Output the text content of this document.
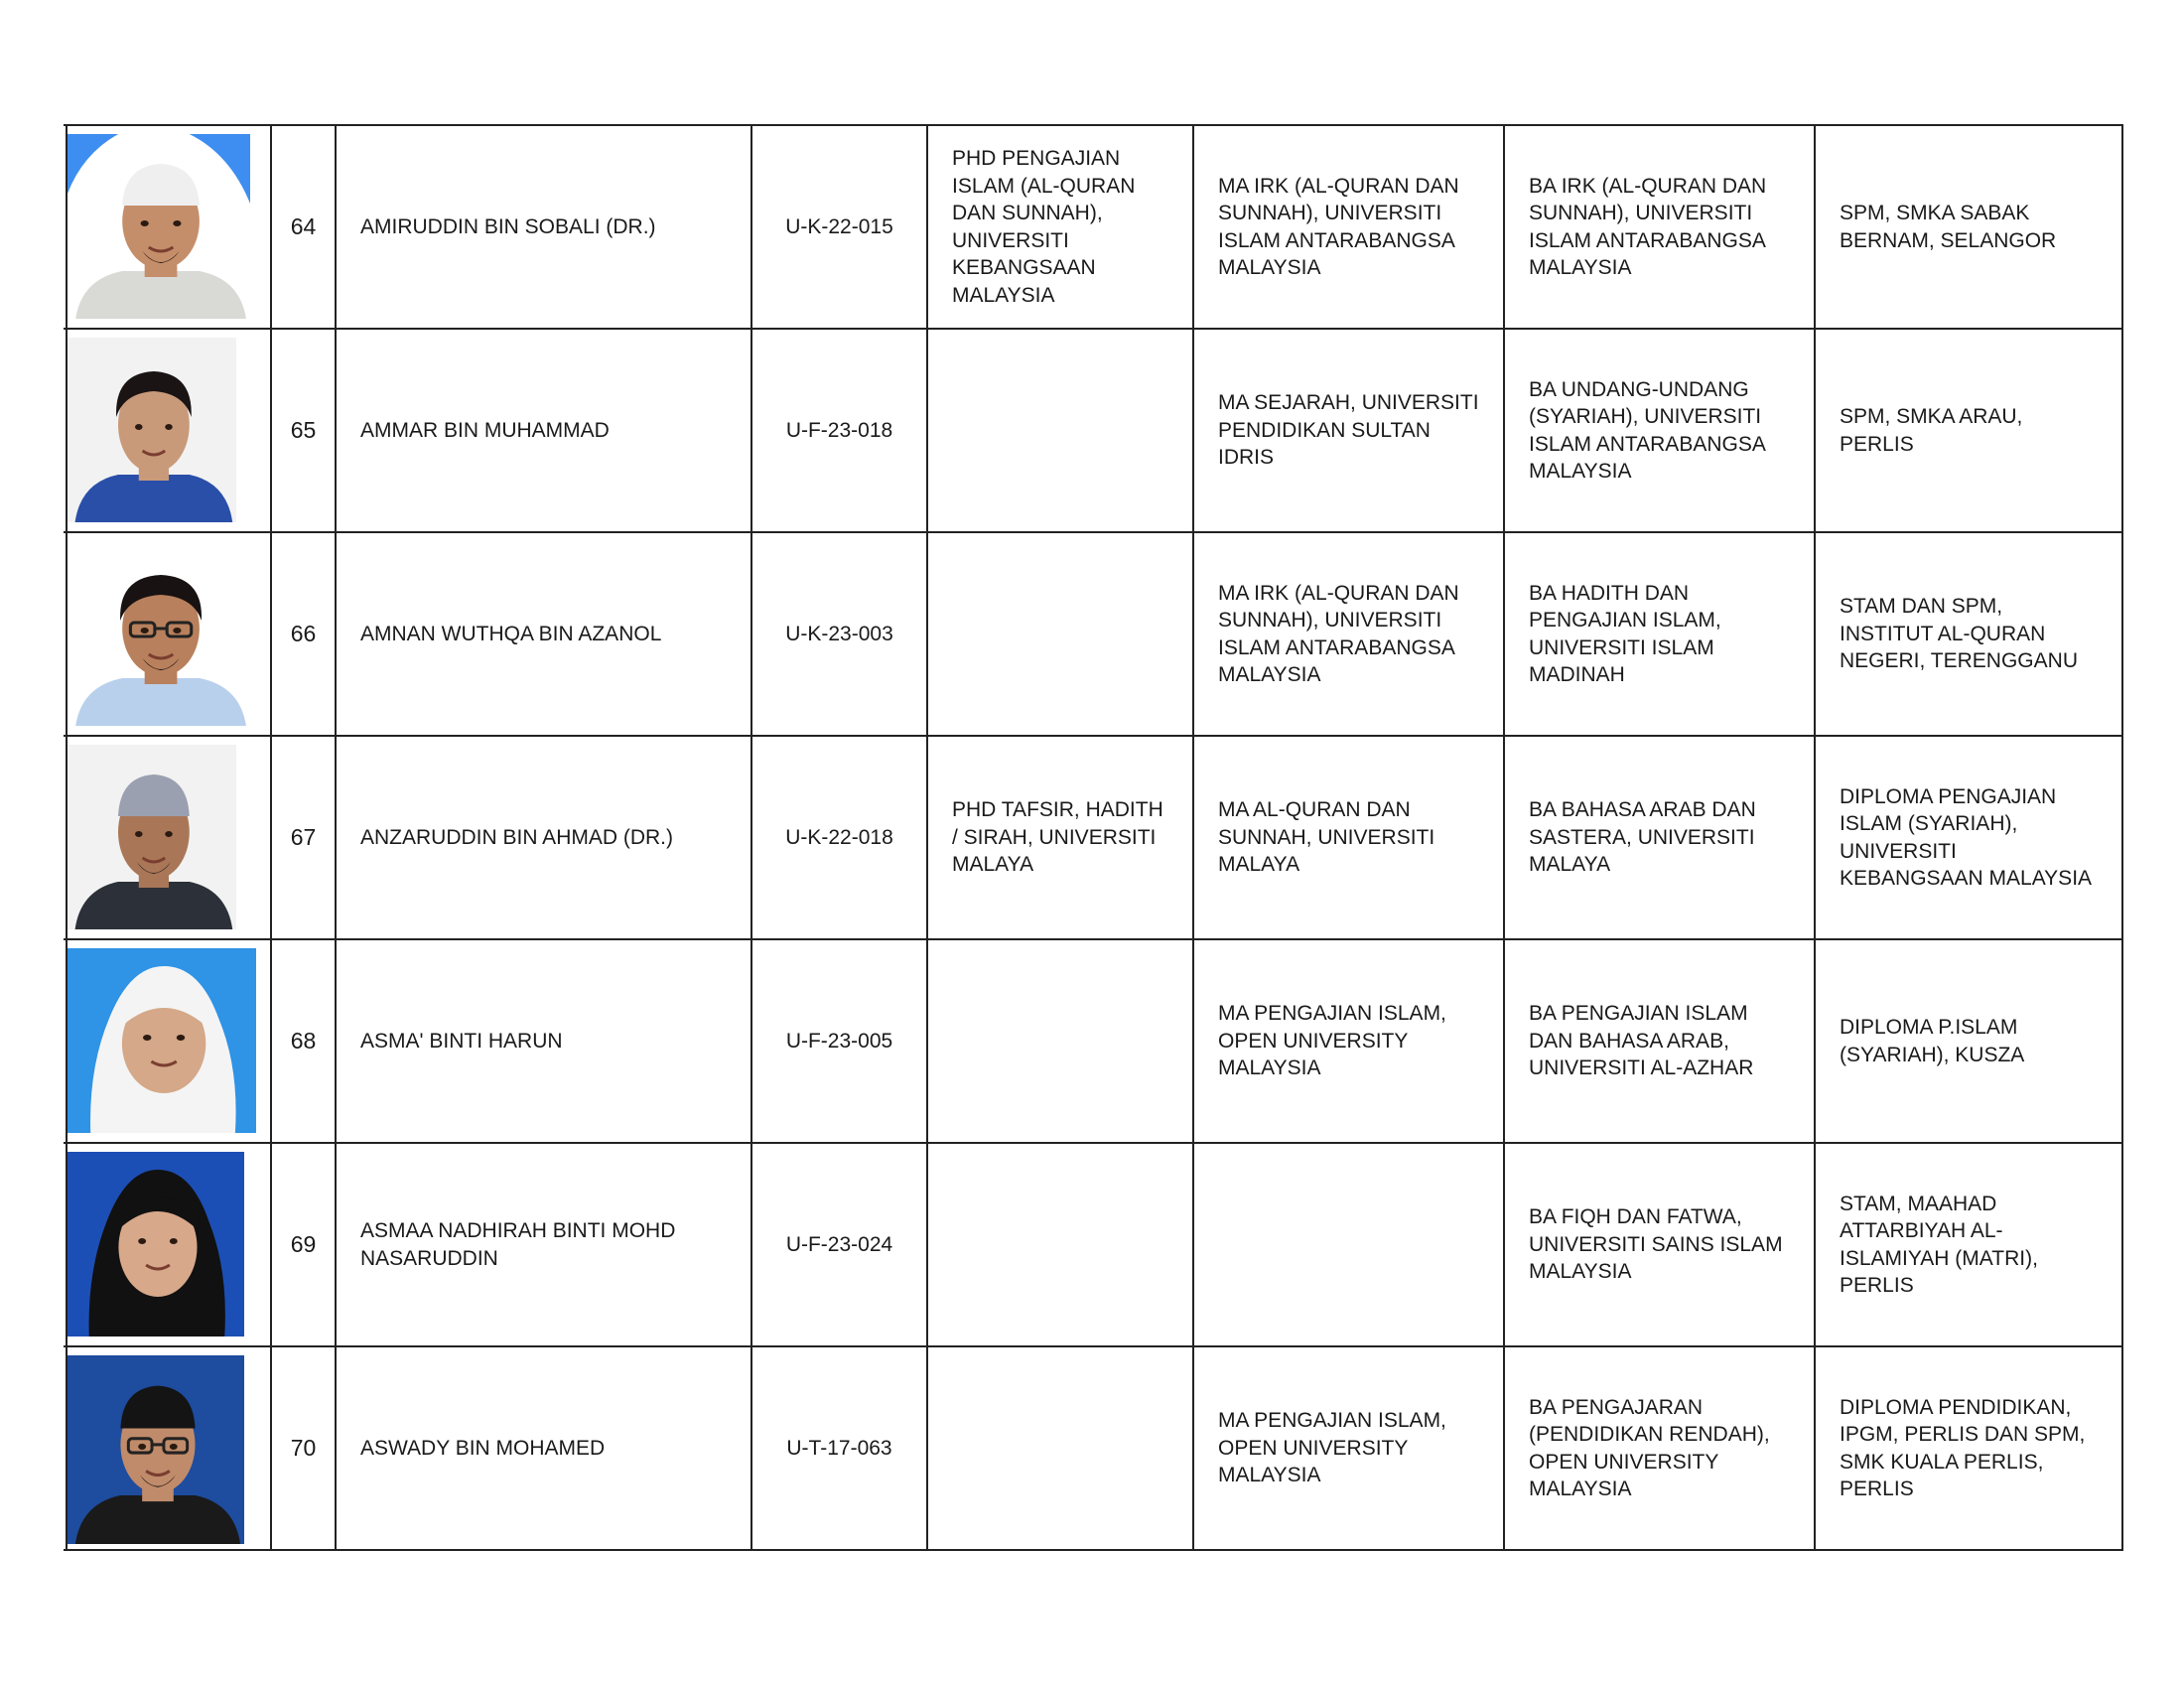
	64	AMIRUDDIN BIN SOBALI (DR.)	U-K-22-015	PHD PENGAJIAN ISLAM (AL-QURAN DAN SUNNAH), UNIVERSITI KEBANGSAAN MALAYSIA	MA IRK (AL-QURAN DAN SUNNAH), UNIVERSITI ISLAM ANTARABANGSA MALAYSIA	BA IRK (AL-QURAN DAN SUNNAH), UNIVERSITI ISLAM ANTARABANGSA MALAYSIA	SPM, SMKA SABAK BERNAM, SELANGOR

	65	AMMAR BIN MUHAMMAD	U-F-23-018		MA SEJARAH, UNIVERSITI PENDIDIKAN SULTAN IDRIS	BA UNDANG-UNDANG (SYARIAH), UNIVERSITI ISLAM ANTARABANGSA MALAYSIA	SPM, SMKA ARAU, PERLIS

	66	AMNAN WUTHQA BIN AZANOL	U-K-23-003		MA IRK (AL-QURAN DAN SUNNAH), UNIVERSITI ISLAM ANTARABANGSA MALAYSIA	BA HADITH DAN PENGAJIAN ISLAM, UNIVERSITI ISLAM MADINAH	STAM DAN SPM, INSTITUT AL-QURAN NEGERI, TERENGGANU

	67	ANZARUDDIN BIN AHMAD (DR.)	U-K-22-018	PHD TAFSIR, HADITH / SIRAH, UNIVERSITI MALAYA	MA AL-QURAN DAN SUNNAH, UNIVERSITI MALAYA	BA BAHASA ARAB DAN SASTERA, UNIVERSITI MALAYA	DIPLOMA PENGAJIAN ISLAM (SYARIAH), UNIVERSITI KEBANGSAAN MALAYSIA

	68	ASMA' BINTI HARUN	U-F-23-005		MA PENGAJIAN ISLAM, OPEN UNIVERSITY MALAYSIA	BA PENGAJIAN ISLAM DAN BAHASA ARAB, UNIVERSITI AL-AZHAR	DIPLOMA P.ISLAM (SYARIAH), KUSZA

	69	ASMAA NADHIRAH BINTI MOHD NASARUDDIN	U-F-23-024			BA FIQH DAN FATWA, UNIVERSITI SAINS ISLAM MALAYSIA	STAM, MAAHAD ATTARBIYAH AL-ISLAMIYAH (MATRI), PERLIS

	70	ASWADY BIN MOHAMED	U-T-17-063		MA PENGAJIAN ISLAM, OPEN UNIVERSITY MALAYSIA	BA PENGAJARAN (PENDIDIKAN RENDAH), OPEN UNIVERSITY MALAYSIA	DIPLOMA PENDIDIKAN, IPGM, PERLIS DAN SPM, SMK KUALA PERLIS, PERLIS
